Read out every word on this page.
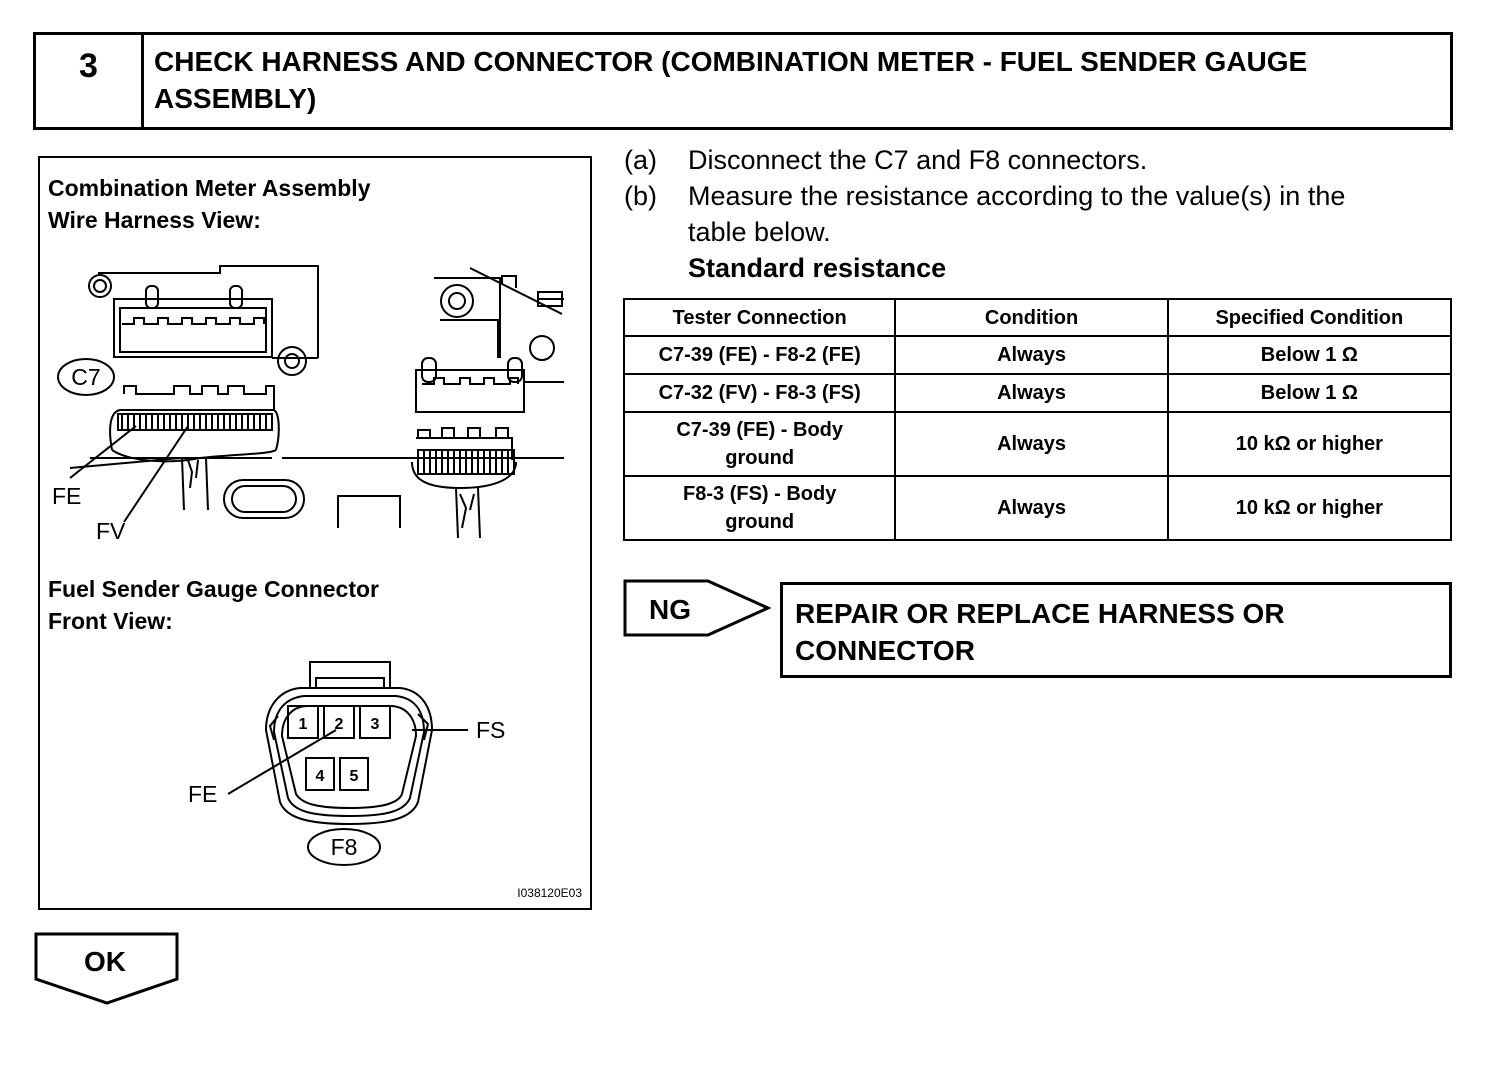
3	CHECK HARNESS AND CONNECTOR (COMBINATION METER - FUEL SENDER GAUGE
ASSEMBLY)
Combination Meter Assembly
Wire Harness View:
Fuel Sender Gauge Connector
Front View:
C7
FE
FV
1 2 3
4 5
FS
FE
F8
I038120E03
(a)	Disconnect the C7 and F8 connectors.
(b)	Measure the resistance according to the value(s) in the
table below.
Standard resistance
Tester Connection	Condition	Specified Condition
C7-39 (FE) - F8-2 (FE)	Always	Below 1 Ω
C7-32 (FV) - F8-3 (FS)	Always	Below 1 Ω
C7-39 (FE) - Body
ground	Always	10 kΩ or higher
F8-3 (FS) - Body
ground	Always	10 kΩ or higher
NG	REPAIR OR REPLACE HARNESS OR
CONNECTOR
OK
